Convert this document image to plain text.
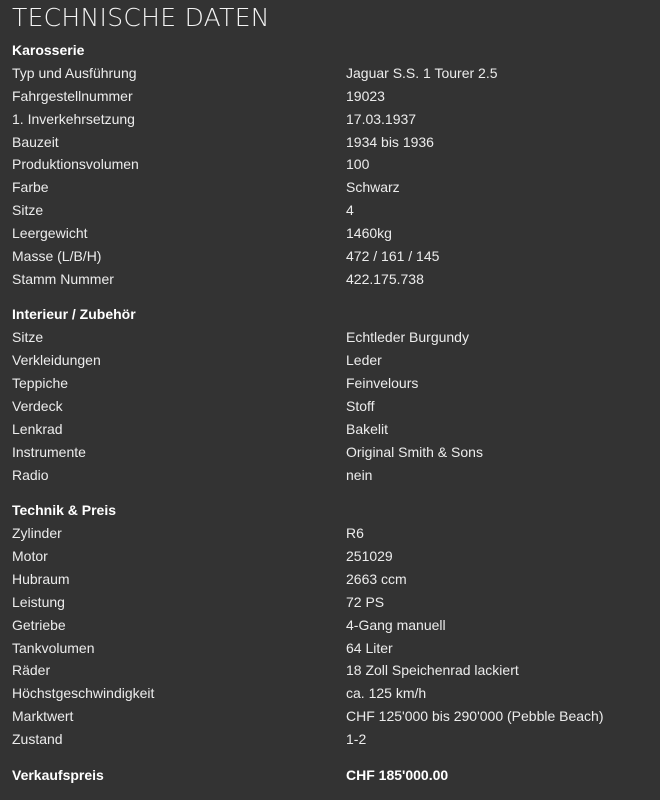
TECHNISCHE DATEN
Karosserie
Typ und Ausführung	Jaguar S.S. 1 Tourer 2.5
Fahrgestellnummer	19023
1. Inverkehrsetzung	17.03.1937
Bauzeit	1934 bis 1936
Produktionsvolumen	100
Farbe	Schwarz
Sitze	4
Leergewicht	1460kg
Masse (L/B/H)	472 / 161 / 145
Stamm Nummer	422.175.738
Interieur / Zubehör
Sitze	Echtleder Burgundy
Verkleidungen	Leder
Teppiche	Feinvelours
Verdeck	Stoff
Lenkrad	Bakelit
Instrumente	Original Smith & Sons
Radio	nein
Technik & Preis
Zylinder	R6
Motor	251029
Hubraum	2663 ccm
Leistung	72 PS
Getriebe	4-Gang manuell
Tankvolumen	64 Liter
Räder	18 Zoll Speichenrad lackiert
Höchstgeschwindigkeit	ca. 125 km/h
Marktwert	CHF 125'000 bis 290'000 (Pebble Beach)
Zustand	1-2
Verkaufspreis	CHF 185'000.00
